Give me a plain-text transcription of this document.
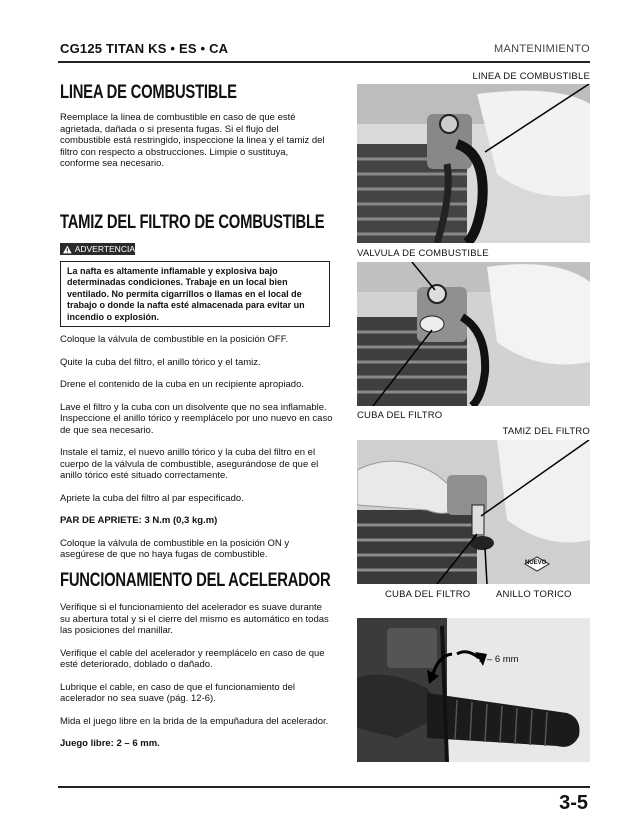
CG125 TITAN KS • ES • CA	MANTENIMIENTO
LINEA DE COMBUSTIBLE

Reemplace la linea de combustible en caso de que esté agrietada, dañada o si presenta fugas. Si el flujo del combustible está restringido, inspeccione la linea y el tamiz del filtro con respecto a obstrucciones. Limpie o sustituya, conforme sea necesario.

TAMIZ DEL FILTRO DE COMBUSTIBLE
ADVERTENCIA
La nafta es altamente inflamable y explosiva bajo determinadas condiciones. Trabaje en un local bien ventilado. No permita cigarrillos o llamas en el local de trabajo o donde la nafta esté almacenada para evitar un incendio o explosión.

Coloque la válvula de combustible en la posición OFF.

Quite la cuba del filtro, el anillo tórico y el tamiz.

Drene el contenido de la cuba en un recipiente apropiado.

Lave el filtro y la cuba con un disolvente que no sea inflamable. Inspeccione el anillo tórico y reemplácelo por uno nuevo en caso de que sea necesario.

Instale el tamiz, el nuevo anillo tórico y la cuba del filtro en el cuerpo de la válvula de combustible, asegurándose de que el anillo tórico esté situado correctamente.

Apriete la cuba del filtro al par especificado.

PAR DE APRIETE: 3 N.m (0,3 kg.m)

Coloque la válvula de combustible en la posición ON y asegúrese de que no haya fugas de combustible.

FUNCIONAMIENTO DEL ACELERADOR

Verifique si el funcionamiento del acelerador es suave durante su abertura total y si el cierre del mismo es automático en todas las posiciones del manillar.

Verifique el cable del acelerador y reemplácelo en caso de que esté deteriorado, doblado o dañado.

Lubrique el cable, en caso de que el funcionamiento del acelerador no sea suave (pág. 12-6).

Mida el juego libre en la brida de la empuñadura del acelerador.

Juego libre: 2 – 6 mm.

LINEA DE COMBUSTIBLE
VALVULA DE COMBUSTIBLE
CUBA DEL FILTRO
TAMIZ DEL FILTRO
NUEVO
CUBA DEL FILTRO	ANILLO TORICO
2 – 6 mm
3-5
